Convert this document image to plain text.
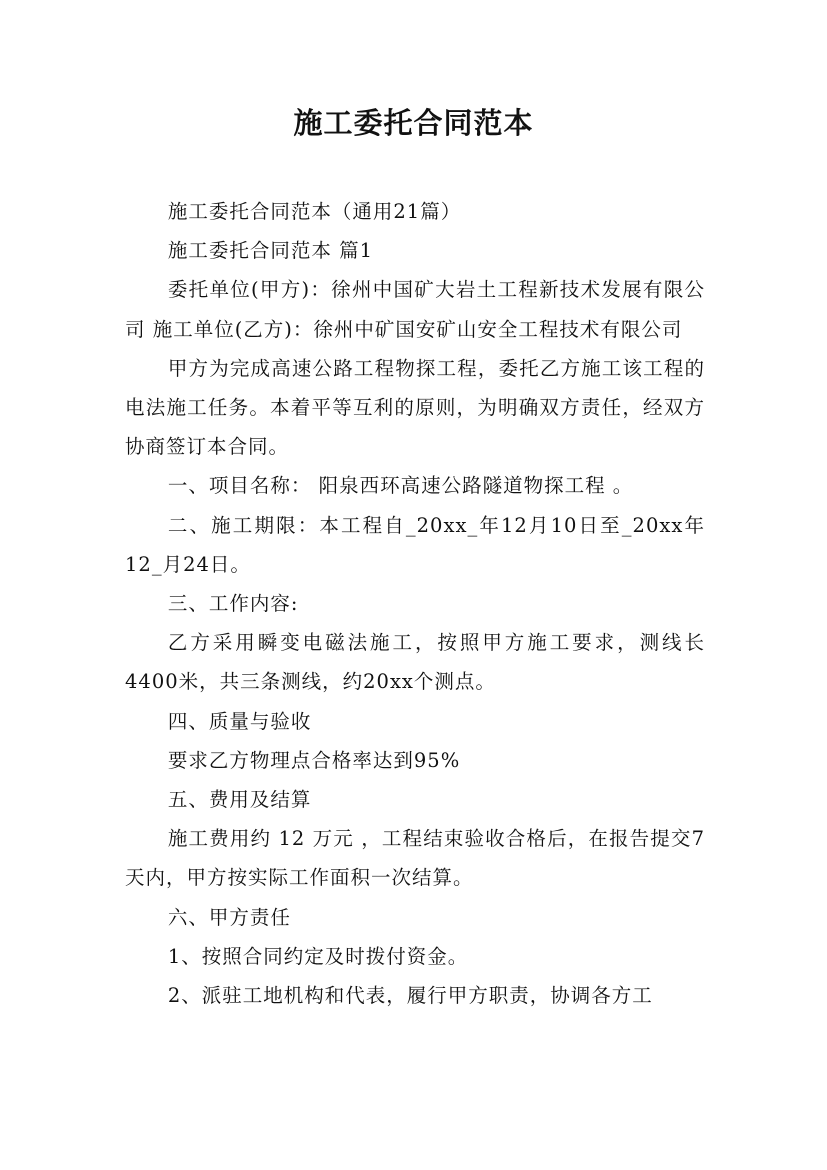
施工委托合同范本

施工委托合同范本（通用21篇）

施工委托合同范本 篇1

委托单位(甲方)：徐州中国矿大岩土工程新技术发展有限公司 施工单位(乙方)：徐州中矿国安矿山安全工程技术有限公司

甲方为完成高速公路工程物探工程，委托乙方施工该工程的电法施工任务。本着平等互利的原则，为明确双方责任，经双方协商签订本合同。

一、项目名称： 阳泉西环高速公路隧道物探工程 。

二、施工期限：本工程自_20xx_年12月10日至_20xx年12_月24日。

三、工作内容:

乙方采用瞬变电磁法施工，按照甲方施工要求，测线长4400米，共三条测线，约20xx个测点。

四、质量与验收

要求乙方物理点合格率达到95%

五、费用及结算

施工费用约 12 万元 ，工程结束验收合格后，在报告提交7天内，甲方按实际工作面积一次结算。

六、甲方责任

1、按照合同约定及时拨付资金。

2、派驻工地机构和代表，履行甲方职责，协调各方工
